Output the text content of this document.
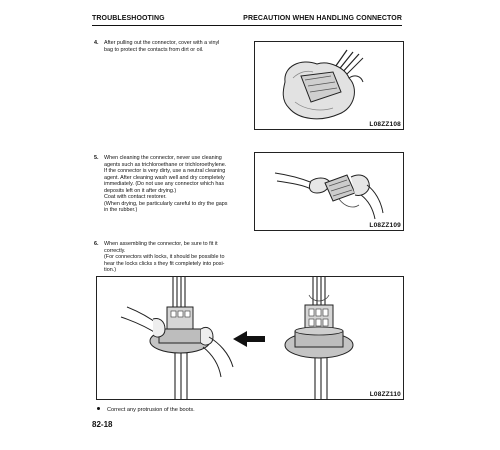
TROUBLESHOOTING	PRECAUTION WHEN HANDLING CONNECTOR
4. After pulling out the connector, cover with a vinyl
bag to protect the contacts from dirt or oil.
L08ZZ108
5. When cleaning the connector, never use cleaning
agents such as trichloroethane or trichloroethylene.
If the connector is very dirty, use a neutral cleaning
agent. After cleaning wash well and dry completely
immediately. (Do not use any connector which has
deposits left on it after drying.)
Coat with contact restorer.
(When drying, be particularly careful to dry the gaps
in the rubber.)
L08ZZ109
6. When assembling the connector, be sure to fit it
correctly.
(For connectors with locks, it should be possible to
hear the locks clicks s they fit completely into posi-
tion.)
L08ZZ110
Correct any protrusion of the boots.
82-18
